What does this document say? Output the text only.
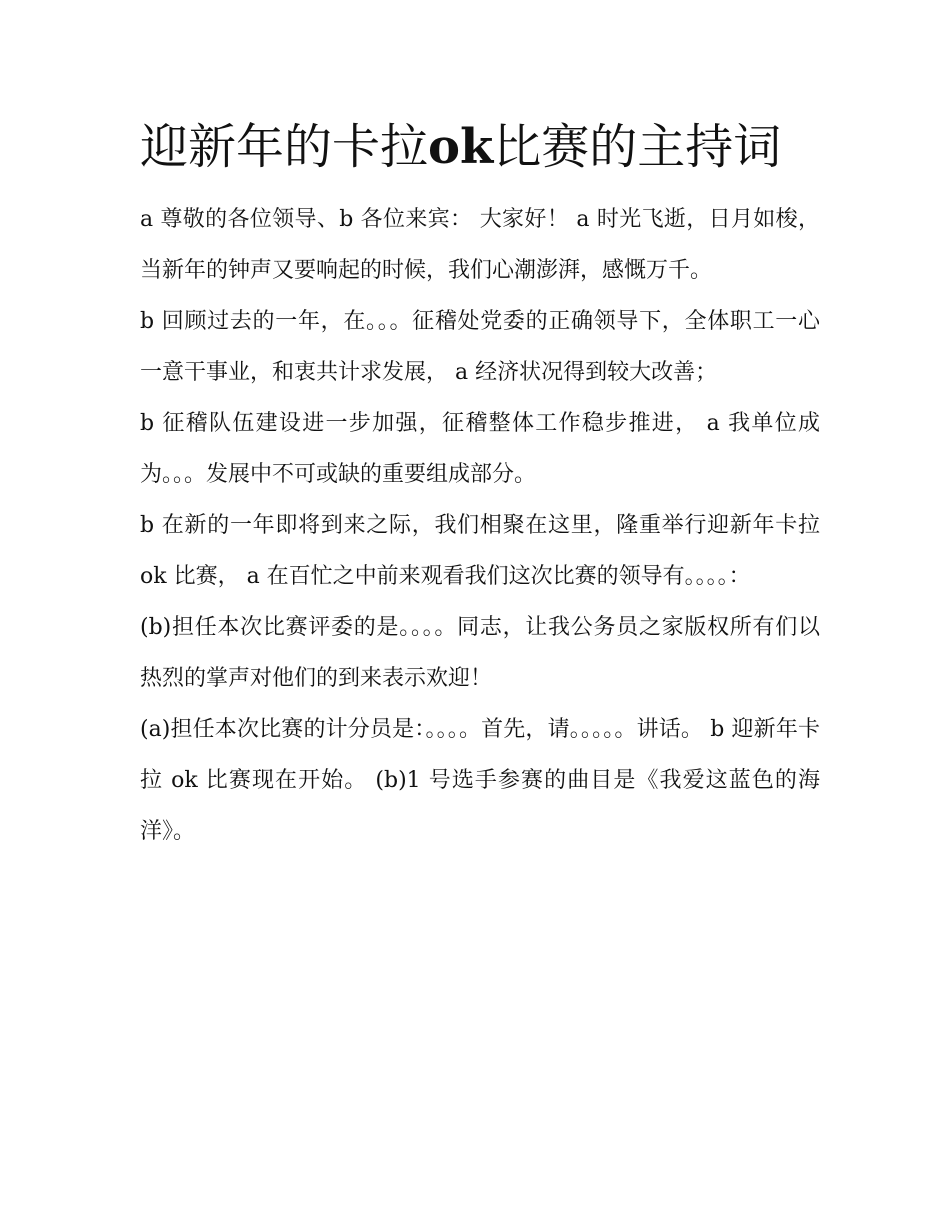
迎新年的卡拉ok比赛的主持词

a 尊敬的各位领导、b 各位来宾： 大家好！ a 时光飞逝，日月如梭，当新年的钟声又要响起的时候，我们心潮澎湃，感慨万千。

b 回顾过去的一年，在。。。征稽处党委的正确领导下，全体职工一心一意干事业，和衷共计求发展， a 经济状况得到较大改善；

b 征稽队伍建设进一步加强，征稽整体工作稳步推进， a 我单位成为。。。发展中不可或缺的重要组成部分。

b 在新的一年即将到来之际，我们相聚在这里，隆重举行迎新年卡拉 ok 比赛， a 在百忙之中前来观看我们这次比赛的领导有。。。。：

(b)担任本次比赛评委的是。。。。同志，让我公务员之家版权所有们以热烈的掌声对他们的到来表示欢迎！

(a)担任本次比赛的计分员是：。。。。首先，请。。。。。讲话。 b 迎新年卡拉 ok 比赛现在开始。 (b)1 号选手参赛的曲目是《我爱这蓝色的海洋》。
